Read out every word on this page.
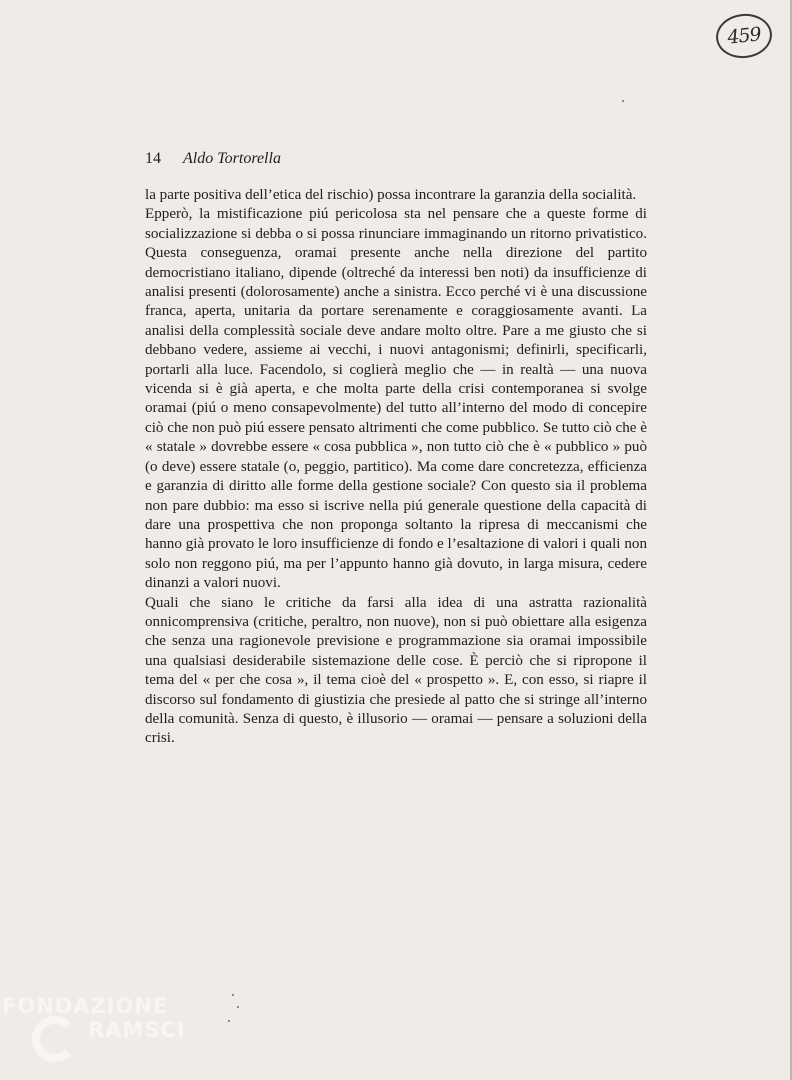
459
14 Aldo Tortorella

la parte positiva dell’etica del rischio) possa incontrare la garanzia della socialità.

Epperò, la mistificazione piú pericolosa sta nel pensare che a queste forme di socializzazione si debba o si possa rinunciare immaginando un ritorno privatistico. Questa conseguenza, oramai presente anche nella direzione del partito democristiano italiano, dipende (oltreché da interessi ben noti) da insufficienze di analisi presenti (dolorosamente) anche a sinistra. Ecco perché vi è una discussione franca, aperta, unitaria da portare serenamente e coraggiosamente avanti. La analisi della complessità sociale deve andare molto oltre. Pare a me giusto che si debbano vedere, assieme ai vecchi, i nuovi antagonismi; definirli, specificarli, portarli alla luce. Facendolo, si coglierà meglio che — in realtà — una nuova vicenda si è già aperta, e che molta parte della crisi contemporanea si svolge oramai (piú o meno consapevolmente) del tutto all’interno del modo di concepire ciò che non può piú essere pensato altrimenti che come pubblico. Se tutto ciò che è « statale » dovrebbe essere « cosa pubblica », non tutto ciò che è « pubblico » può (o deve) essere statale (o, peggio, partitico). Ma come dare concretezza, efficienza e garanzia di diritto alle forme della gestione sociale? Con questo sia il problema non pare dubbio: ma esso si iscrive nella piú generale questione della capacità di dare una prospettiva che non proponga soltanto la ripresa di meccanismi che hanno già provato le loro insufficienze di fondo e l’esaltazione di valori i quali non solo non reggono piú, ma per l’appunto hanno già dovuto, in larga misura, cedere dinanzi a valori nuovi.

Quali che siano le critiche da farsi alla idea di una astratta razionalità onnicomprensiva (critiche, peraltro, non nuove), non si può obiettare alla esigenza che senza una ragionevole previsione e programmazione sia oramai impossibile una qualsiasi desiderabile sistemazione delle cose. È perciò che si ripropone il tema del « per che cosa », il tema cioè del « prospetto ». E, con esso, si riapre il discorso sul fondamento di giustizia che presiede al patto che si stringe all’interno della comunità. Senza di questo, è illusorio — oramai — pensare a soluzioni della crisi.

FONDAZIONE
RAMSCI
